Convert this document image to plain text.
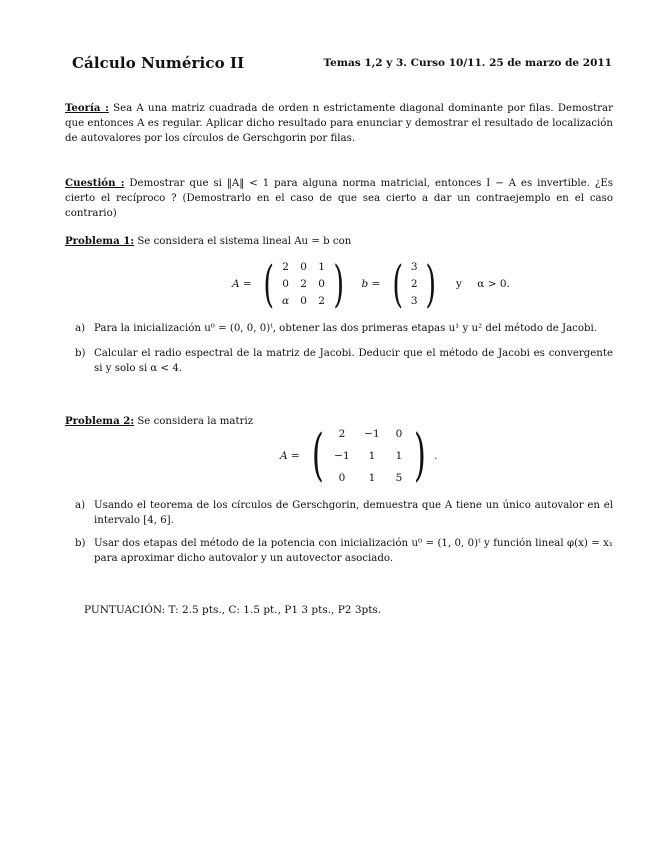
Cálculo Numérico II	Temas 1,2 y 3. Curso 10/11. 25 de marzo de 2011
Teoría : Sea A una matriz cuadrada de orden n estrictamente diagonal dominante por filas. Demostrar que entonces A es regular. Aplicar dicho resultado para enunciar y demostrar el resultado de localización de autovalores por los círculos de Gerschgorin por filas.
Cuestión : Demostrar que si ‖A‖ < 1 para alguna norma matricial, entonces I − A es invertible. ¿Es cierto el recíproco ? (Demostrarlo en el caso de que sea cierto a dar un contraejemplo en el caso contrario)
Problema 1: Se considera el sistema lineal Au = b con
A = ( 2 0 1
0 2 0
α 0 2 ) b = ( 3
2
3 ) y α > 0.
a) Para la inicialización u⁰ = (0, 0, 0)ᵗ, obtener las dos primeras etapas u¹ y u² del método de Jacobi.
b) Calcular el radio espectral de la matriz de Jacobi. Deducir que el método de Jacobi es convergente si y solo si α < 4.
Problema 2: Se considera la matriz
A = (	2	−1	0
−1	1	1
0	1	5 ) .
a) Usando el teorema de los círculos de Gerschgorin, demuestra que A tiene un único autovalor en el intervalo [4, 6].
b) Usar dos etapas del método de la potencia con inicialización u⁰ = (1, 0, 0)ᵗ y función lineal φ(x) = x₁ para aproximar dicho autovalor y un autovector asociado.
PUNTUACIÓN: T: 2.5 pts., C: 1.5 pt., P1 3 pts., P2 3pts.
